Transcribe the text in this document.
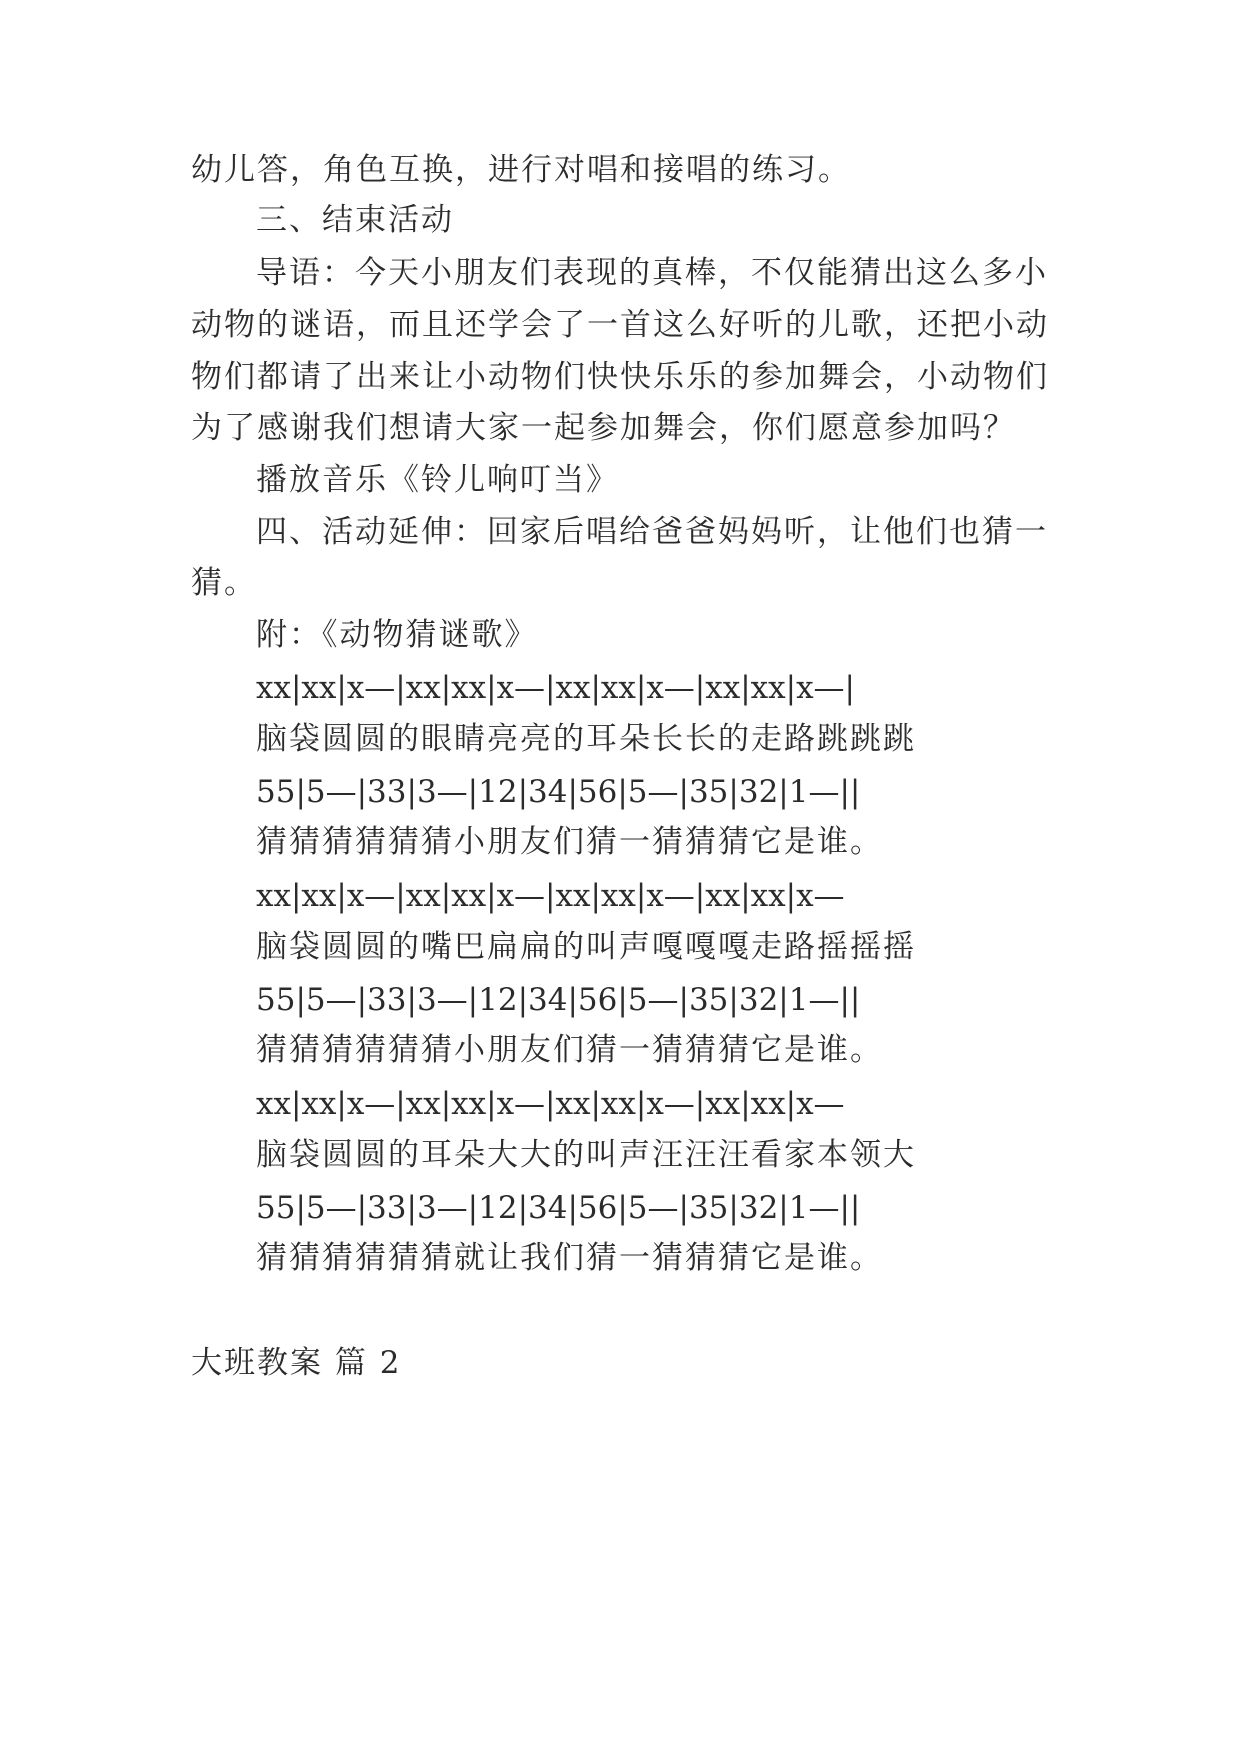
幼儿答，角色互换，进行对唱和接唱的练习。
三、结束活动
导语：今天小朋友们表现的真棒，不仅能猜出这么多小
动物的谜语，而且还学会了一首这么好听的儿歌，还把小动
物们都请了出来让小动物们快快乐乐的参加舞会，小动物们
为了感谢我们想请大家一起参加舞会，你们愿意参加吗？
播放音乐《铃儿响叮当》
四、活动延伸：回家后唱给爸爸妈妈听，让他们也猜一
猜。
附：《动物猜谜歌》
xx|xx|x—|xx|xx|x—|xx|xx|x—|xx|xx|x—|
脑袋圆圆的眼睛亮亮的耳朵长长的走路跳跳跳
55|5—|33|3—|12|34|56|5—|35|32|1—||
猜猜猜猜猜猜小朋友们猜一猜猜猜它是谁。
xx|xx|x—|xx|xx|x—|xx|xx|x—|xx|xx|x—
脑袋圆圆的嘴巴扁扁的叫声嘎嘎嘎走路摇摇摇
55|5—|33|3—|12|34|56|5—|35|32|1—||
猜猜猜猜猜猜小朋友们猜一猜猜猜它是谁。
xx|xx|x—|xx|xx|x—|xx|xx|x—|xx|xx|x—
脑袋圆圆的耳朵大大的叫声汪汪汪看家本领大
55|5—|33|3—|12|34|56|5—|35|32|1—||
猜猜猜猜猜猜就让我们猜一猜猜猜它是谁。
大班教案 篇 2
